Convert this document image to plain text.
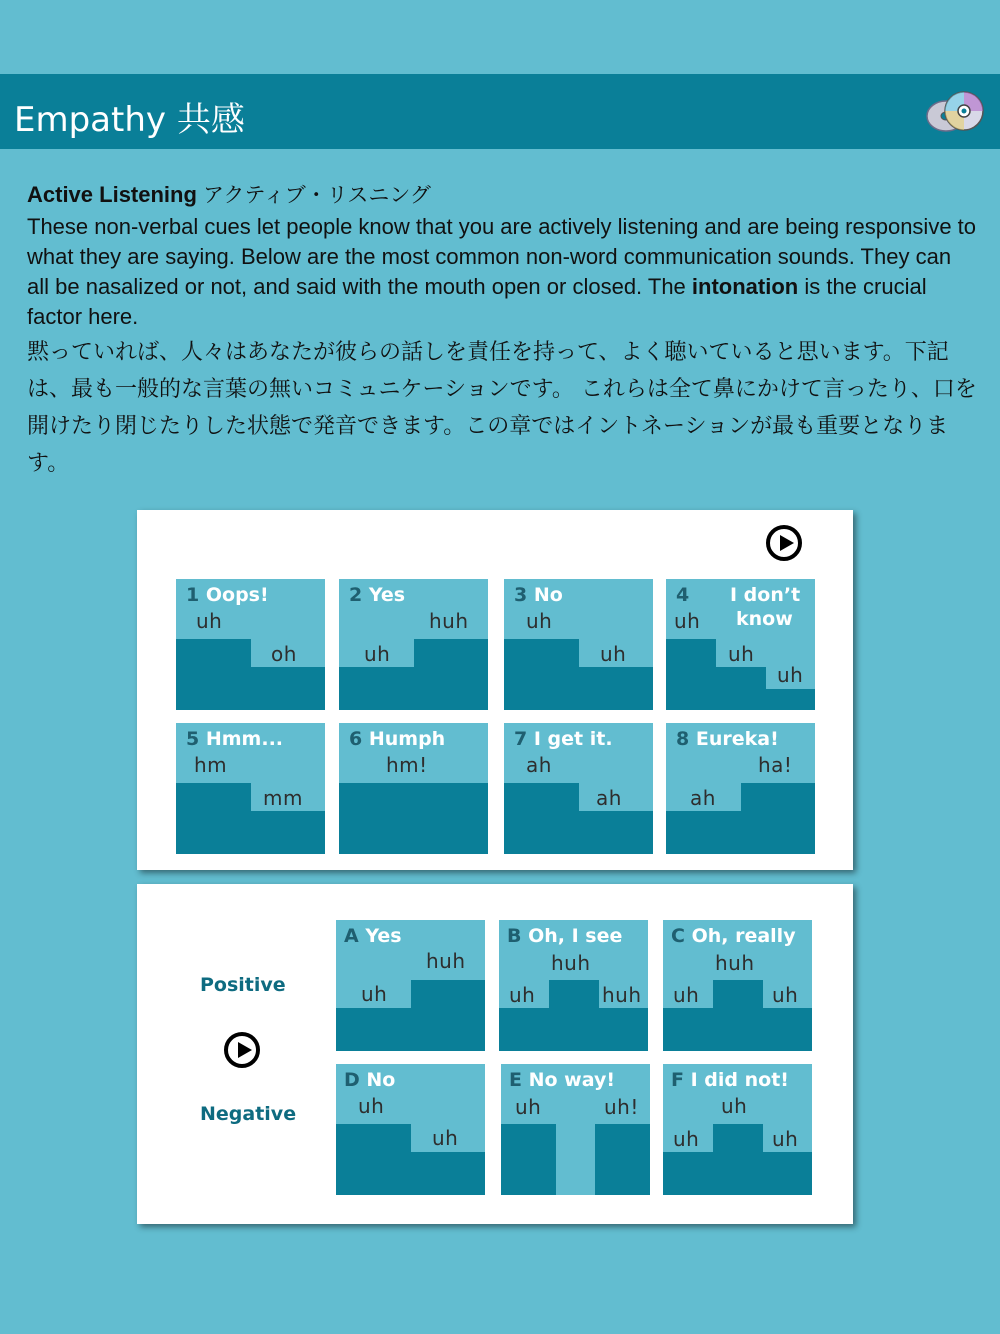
Empathy 共感
Active Listening アクティブ・リスニング
These non-verbal cues let people know that you are actively listening and are being responsive to what they are saying. Below are the most common non-word communication sounds. They can all be nasalized or not, and said with the mouth open or closed. The intonation is the crucial factor here.
黙っていれば、人々はあなたが彼らの話しを責任を持って、よく聴いていると思います。下記は、最も一般的な言葉の無いコミュニケーションです。 これらは全て鼻にかけて言ったり、口を開けたり閉じたりした状態で発音できます。この章ではイントネーションが最も重要となります。
1 Oops!
uh
oh
2 Yes
huh
uh
3 No
uh
uh
4 I don’t
know
uh
uh
uh
5 Hmm...
hm
mm
6 Humph
hm!
7 I get it.
ah
ah
8 Eureka!
ha!
ah
Positive
Negative
A Yes
huh
uh
B Oh, I see
huh
uh	huh
C Oh, really
huh
uh	uh
D No
uh
uh
E No way!
uh	uh!
F I did not!
uh
uh	uh
